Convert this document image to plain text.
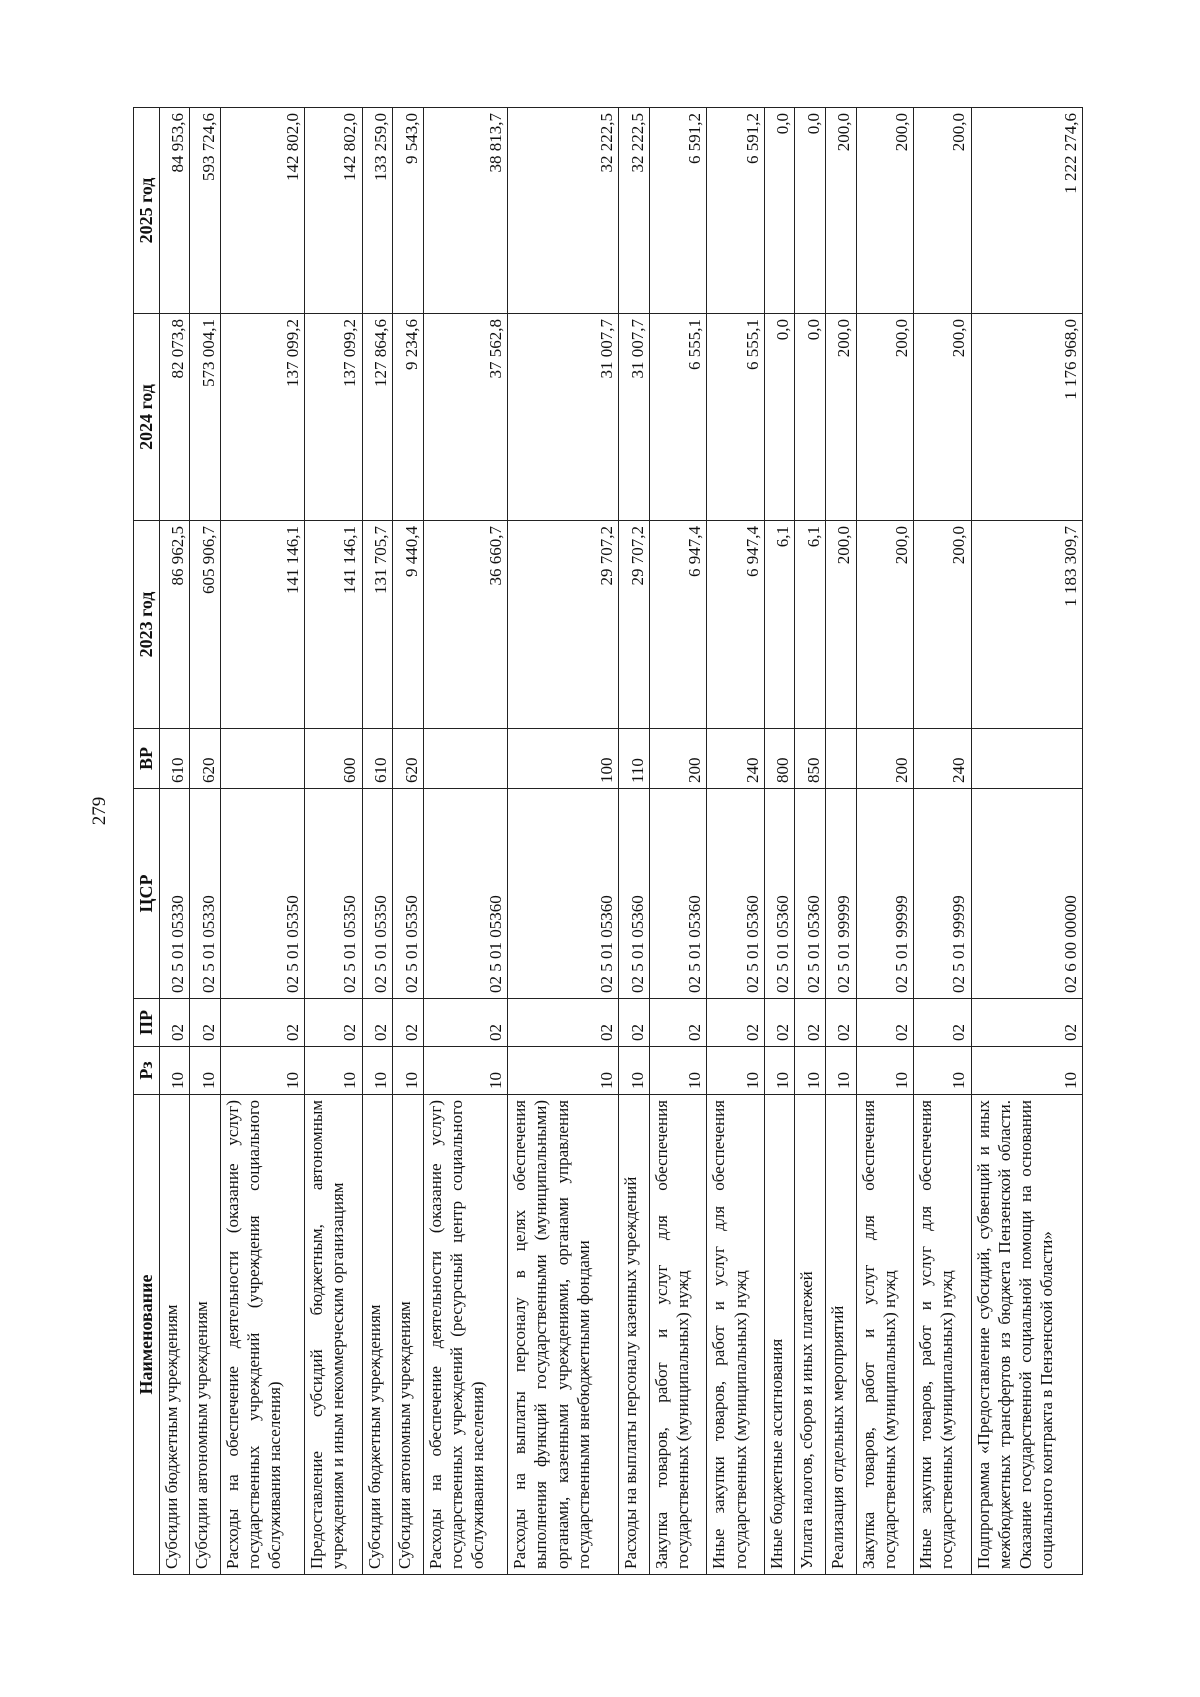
279
Наименование	Рз	ПР	ЦСР	ВР	2023 год	2024 год	2025 год
Субсидии бюджетным учреждениям	10	02	02 5 01 05330	610	86 962,5	82 073,8	84 953,6
Субсидии автономным учреждениям	10	02	02 5 01 05330	620	605 906,7	573 004,1	593 724,6
Расходы на обеспечение деятельности (оказание услуг) государственных учреждений (учреждения социального обслуживания населения)	10	02	02 5 01 05350		141 146,1	137 099,2	142 802,0
Предоставление субсидий бюджетным, автономным учреждениям и иным некоммерческим организациям	10	02	02 5 01 05350	600	141 146,1	137 099,2	142 802,0
Субсидии бюджетным учреждениям	10	02	02 5 01 05350	610	131 705,7	127 864,6	133 259,0
Субсидии автономным учреждениям	10	02	02 5 01 05350	620	9 440,4	9 234,6	9 543,0
Расходы на обеспечение деятельности (оказание услуг) государственных учреждений (ресурсный центр социального обслуживания населения)	10	02	02 5 01 05360		36 660,7	37 562,8	38 813,7
Расходы на выплаты персоналу в целях обеспечения выполнения функций государственными (муниципальными) органами, казенными учреждениями, органами управления государственными внебюджетными фондами	10	02	02 5 01 05360	100	29 707,2	31 007,7	32 222,5
Расходы на выплаты персоналу казенных учреждений	10	02	02 5 01 05360	110	29 707,2	31 007,7	32 222,5
Закупка товаров, работ и услуг для обеспечения государственных (муниципальных) нужд	10	02	02 5 01 05360	200	6 947,4	6 555,1	6 591,2
Иные закупки товаров, работ и услуг для обеспечения государственных (муниципальных) нужд	10	02	02 5 01 05360	240	6 947,4	6 555,1	6 591,2
Иные бюджетные ассигнования	10	02	02 5 01 05360	800	6,1	0,0	0,0
Уплата налогов, сборов и иных платежей	10	02	02 5 01 05360	850	6,1	0,0	0,0
Реализация отдельных мероприятий	10	02	02 5 01 99999		200,0	200,0	200,0
Закупка товаров, работ и услуг для обеспечения государственных (муниципальных) нужд	10	02	02 5 01 99999	200	200,0	200,0	200,0
Иные закупки товаров, работ и услуг для обеспечения государственных (муниципальных) нужд	10	02	02 5 01 99999	240	200,0	200,0	200,0
Подпрограмма «Предоставление субсидий, субвенций и иных межбюджетных трансфертов из бюджета Пензенской области. Оказание государственной социальной помощи на основании социального контракта в Пензенской области»	10	02	02 6 00 00000		1 183 309,7	1 176 968,0	1 222 274,6
